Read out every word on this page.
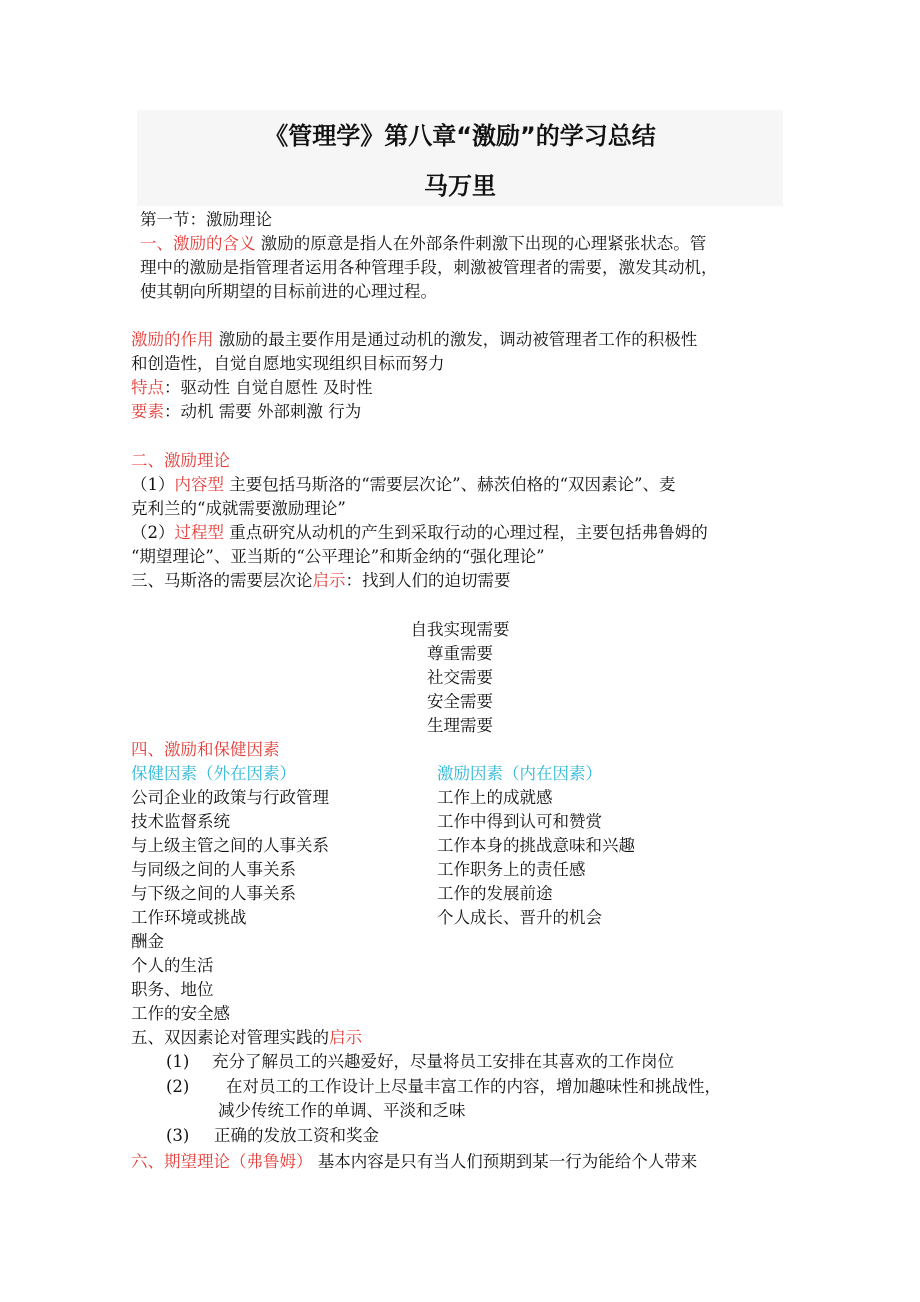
《管理学》第八章“激励”的学习总结
马万里
第一节：激励理论
一、激励的含义 激励的原意是指人在外部条件刺激下出现的心理紧张状态。管
理中的激励是指管理者运用各种管理手段，刺激被管理者的需要，激发其动机，
使其朝向所期望的目标前进的心理过程。
激励的作用 激励的最主要作用是通过动机的激发，调动被管理者工作的积极性
和创造性，自觉自愿地实现组织目标而努力
特点：驱动性 自觉自愿性 及时性
要素：动机 需要 外部刺激 行为
二、激励理论
（1）内容型 主要包括马斯洛的“需要层次论”、赫茨伯格的“双因素论”、麦
克利兰的“成就需要激励理论”
（2）过程型 重点研究从动机的产生到采取行动的心理过程，主要包括弗鲁姆的
“期望理论”、亚当斯的“公平理论”和斯金纳的“强化理论”
三、马斯洛的需要层次论启示：找到人们的迫切需要
自我实现需要
尊重需要
社交需要
安全需要
生理需要
四、激励和保健因素
保健因素（外在因素）	激励因素（内在因素）
公司企业的政策与行政管理
技术监督系统
与上级主管之间的人事关系
与同级之间的人事关系
与下级之间的人事关系
工作环境或挑战
酬金
个人的生活
职务、地位
工作的安全感
工作上的成就感
工作中得到认可和赞赏
工作本身的挑战意味和兴趣
工作职务上的责任感
工作的发展前途
个人成长、晋升的机会
五、双因素论对管理实践的启示
(1) 充分了解员工的兴趣爱好，尽量将员工安排在其喜欢的工作岗位
(2) 在对员工的工作设计上尽量丰富工作的内容，增加趣味性和挑战性，
减少传统工作的单调、平淡和乏味
(3) 正确的发放工资和奖金
六、期望理论（弗鲁姆） 基本内容是只有当人们预期到某一行为能给个人带来
